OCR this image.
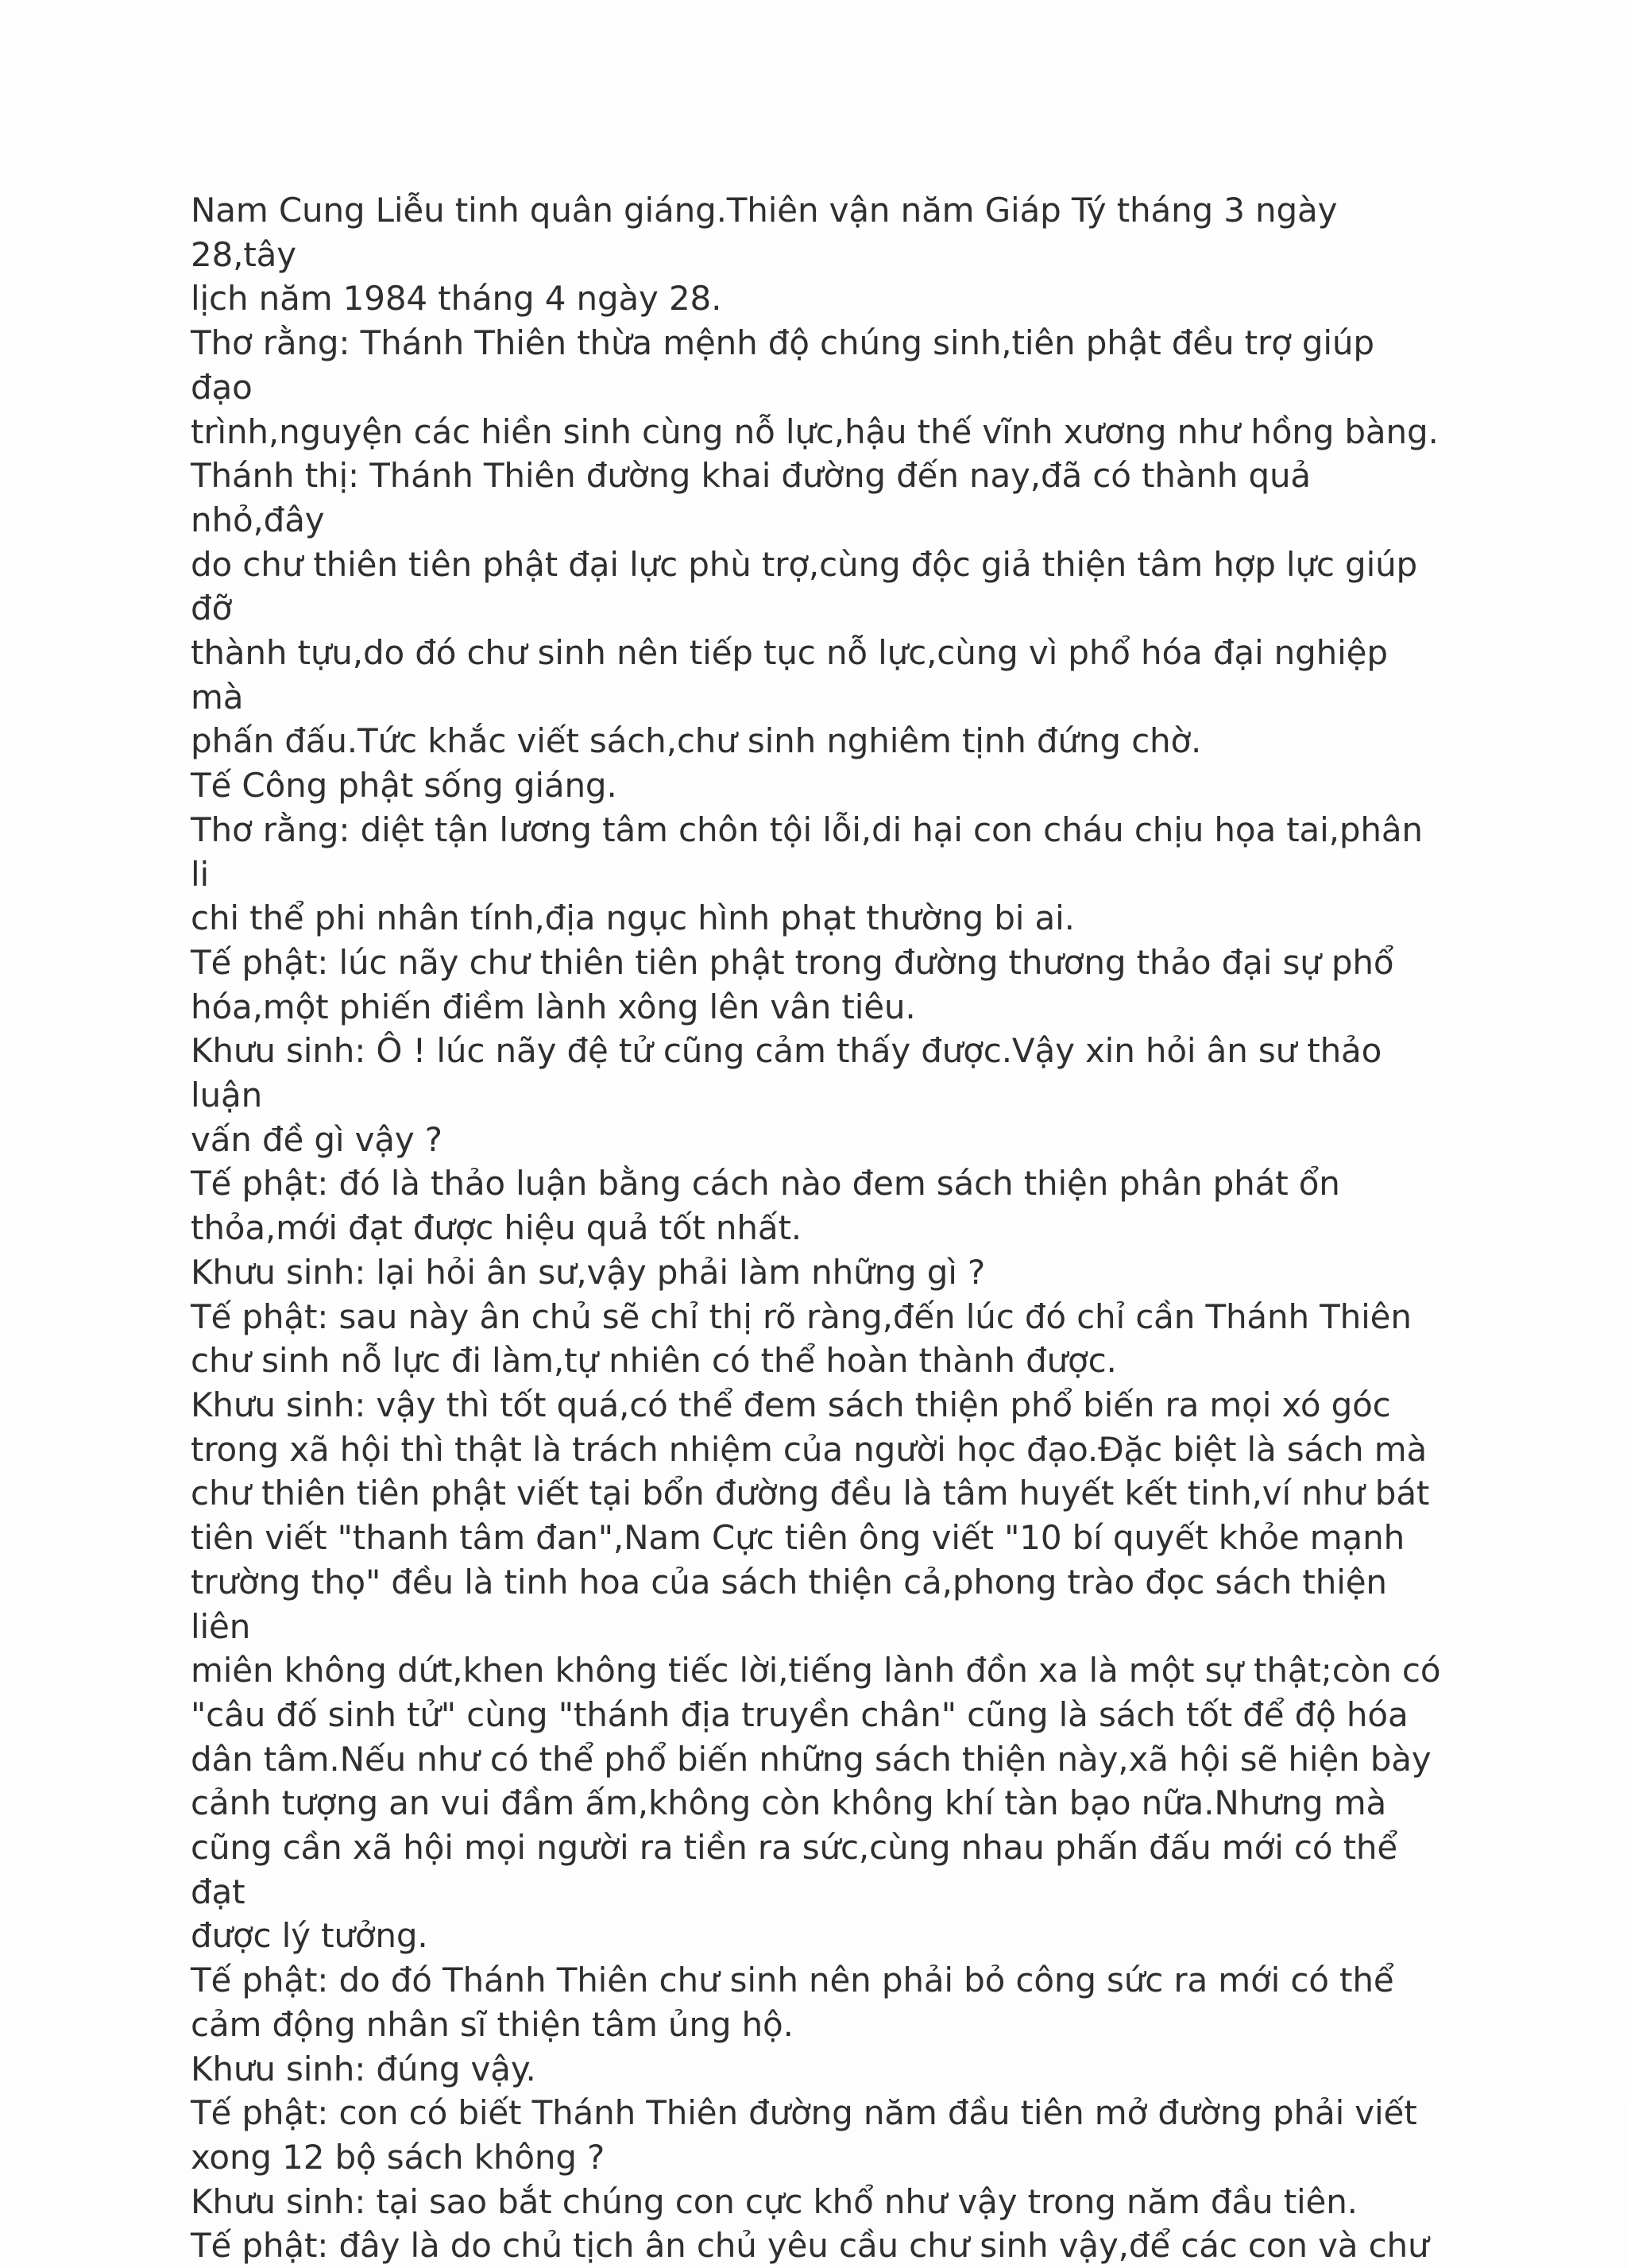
Nam Cung Liễu tinh quân giáng.Thiên vận năm Giáp Tý tháng 3 ngày 28,tây
lịch năm 1984 tháng 4 ngày 28.

Thơ rằng: Thánh Thiên thừa mệnh độ chúng sinh,tiên phật đều trợ giúp đạo
trình,nguyện các hiền sinh cùng nỗ lực,hậu thế vĩnh xương như hồng bàng.

Thánh thị: Thánh Thiên đường khai đường đến nay,đã có thành quả nhỏ,đây
do chư thiên tiên phật đại lực phù trợ,cùng độc giả thiện tâm hợp lực giúp đỡ
thành tựu,do đó chư sinh nên tiếp tục nỗ lực,cùng vì phổ hóa đại nghiệp mà
phấn đấu.Tức khắc viết sách,chư sinh nghiêm tịnh đứng chờ.

Tế Công phật sống giáng.

Thơ rằng: diệt tận lương tâm chôn tội lỗi,di hại con cháu chịu họa tai,phân li
chi thể phi nhân tính,địa ngục hình phạt thường bi ai.

Tế phật: lúc nãy chư thiên tiên phật trong đường thương thảo đại sự phổ
hóa,một phiến điềm lành xông lên vân tiêu.

Khưu sinh: Ô ! lúc nãy đệ tử cũng cảm thấy được.Vậy xin hỏi ân sư thảo luận
vấn đề gì vậy ?

Tế phật: đó là thảo luận bằng cách nào đem sách thiện phân phát ổn
thỏa,mới đạt được hiệu quả tốt nhất.

Khưu sinh: lại hỏi ân sư,vậy phải làm những gì ?

Tế phật: sau này ân chủ sẽ chỉ thị rõ ràng,đến lúc đó chỉ cần Thánh Thiên
chư sinh nỗ lực đi làm,tự nhiên có thể hoàn thành được.

Khưu sinh: vậy thì tốt quá,có thể đem sách thiện phổ biến ra mọi xó góc
trong xã hội thì thật là trách nhiệm của người học đạo.Đặc biệt là sách mà
chư thiên tiên phật viết tại bổn đường đều là tâm huyết kết tinh,ví như bát
tiên viết "thanh tâm đan",Nam Cực tiên ông viết "10 bí quyết khỏe mạnh
trường thọ" đều là tinh hoa của sách thiện cả,phong trào đọc sách thiện liên
miên không dứt,khen không tiếc lời,tiếng lành đồn xa là một sự thật;còn có
"câu đố sinh tử" cùng "thánh địa truyền chân" cũng là sách tốt để độ hóa
dân tâm.Nếu như có thể phổ biến những sách thiện này,xã hội sẽ hiện bày
cảnh tượng an vui đầm ấm,không còn không khí tàn bạo nữa.Nhưng mà
cũng cần xã hội mọi người ra tiền ra sức,cùng nhau phấn đấu mới có thể đạt
được lý tưởng.

Tế phật: do đó Thánh Thiên chư sinh nên phải bỏ công sức ra mới có thể
cảm động nhân sĩ thiện tâm ủng hộ.

Khưu sinh: đúng vậy.

Tế phật: con có biết Thánh Thiên đường năm đầu tiên mở đường phải viết
xong 12 bộ sách không ?

Khưu sinh: tại sao bắt chúng con cực khổ như vậy trong năm đầu tiên.

Tế phật: đây là do chủ tịch ân chủ yêu cầu chư sinh vậy,để các con và chư
